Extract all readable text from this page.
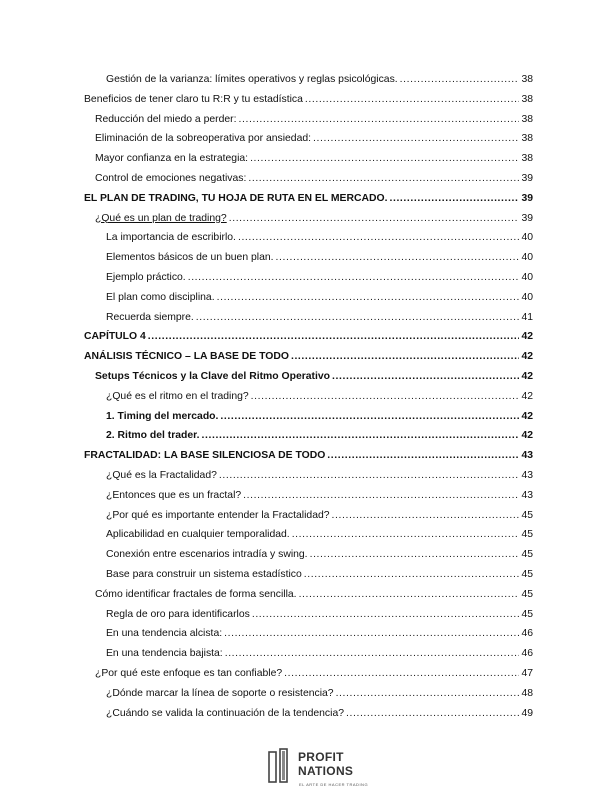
Gestión de la varianza: límites operativos y reglas psicológicas. .....	38
Beneficios de tener claro tu R:R y tu estadística .....	38
Reducción del miedo a perder: .....	38
Eliminación de la sobreoperativa por ansiedad: .....	38
Mayor confianza en la estrategia: .....	38
Control de emociones negativas: .....	39
EL PLAN DE TRADING, TU HOJA DE RUTA EN EL MERCADO. .....	39
¿Qué es un plan de trading? .....	39
La importancia de escribirlo. .....	40
Elementos básicos de un buen plan. .....	40
Ejemplo práctico. .....	40
El plan como disciplina. .....	40
Recuerda siempre. .....	41
CAPÍTULO 4 .....	42
ANÁLISIS TÉCNICO – LA BASE DE TODO .....	42
Setups Técnicos y la Clave del Ritmo Operativo .....	42
¿Qué es el ritmo en el trading? .....	42
1. Timing del mercado. .....	42
2. Ritmo del trader. .....	42
FRACTALIDAD: LA BASE SILENCIOSA DE TODO .....	43
¿Qué es la Fractalidad? .....	43
¿Entonces que es un fractal? .....	43
¿Por qué es importante entender la Fractalidad? .....	45
Aplicabilidad en cualquier temporalidad. .....	45
Conexión entre escenarios intradía y swing. .....	45
Base para construir un sistema estadístico .....	45
Cómo identificar fractales de forma sencilla. .....	45
Regla de oro para identificarlos .....	45
En una tendencia alcista: .....	46
En una tendencia bajista: .....	46
¿Por qué este enfoque es tan confiable? .....	47
¿Dónde marcar la línea de soporte o resistencia? .....	48
¿Cuándo se valida la continuación de la tendencia? .....	49
PROFIT
NATIONS
EL ARTE DE HACER TRADING
